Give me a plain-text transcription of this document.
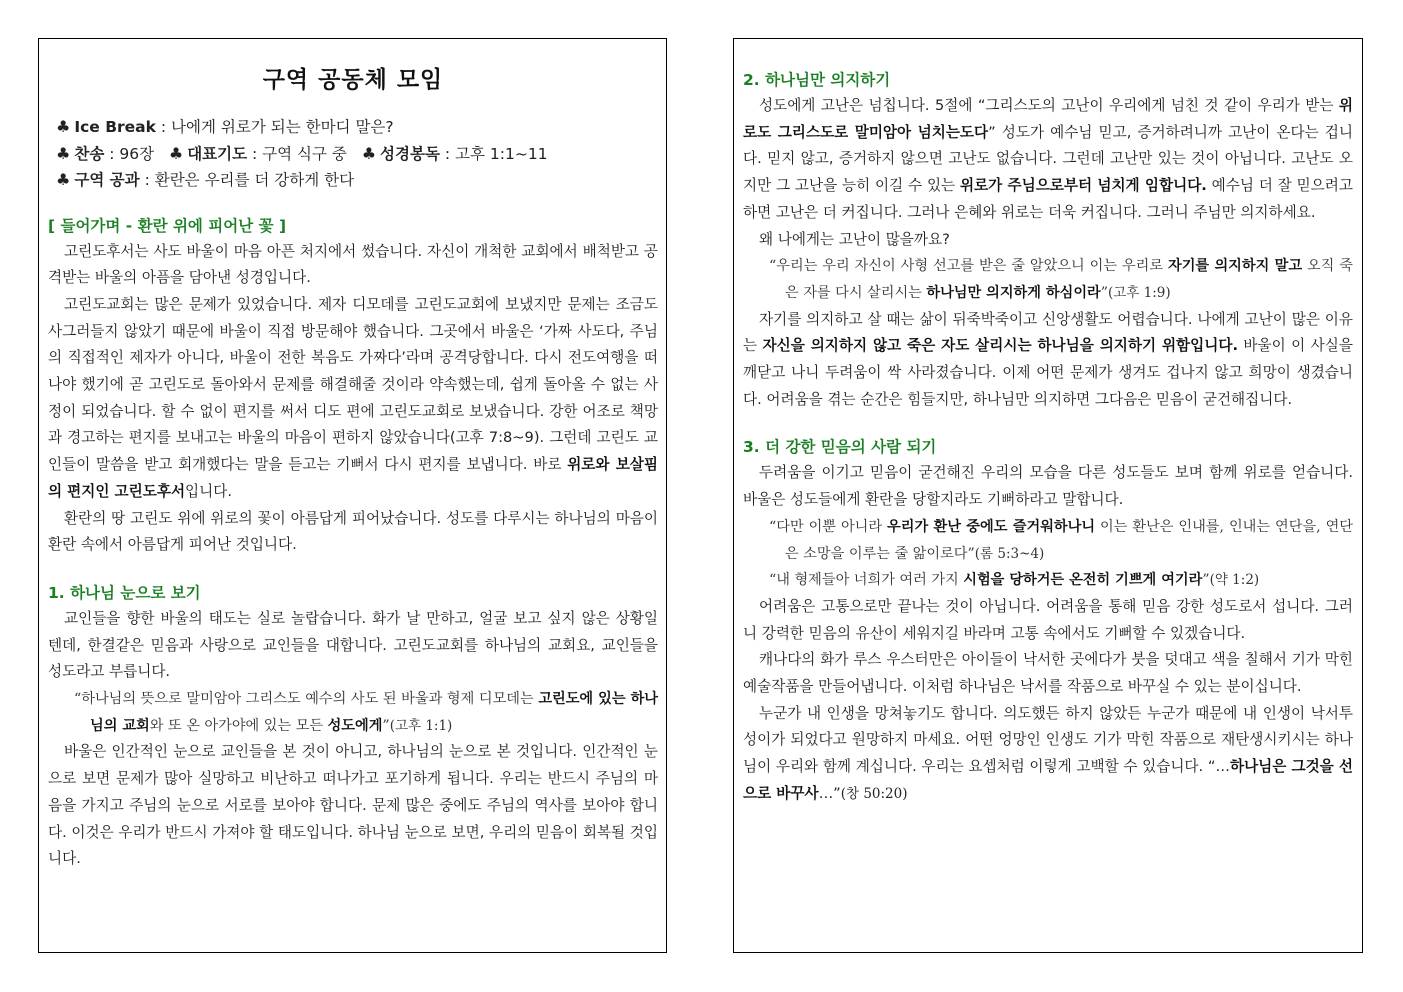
구역 공동체 모임
♣ Ice Break : 나에게 위로가 되는 한마디 말은?
♣ 찬송 : 96장 ♣ 대표기도 : 구역 식구 중 ♣ 성경봉독 : 고후 1:1~11
♣ 구역 공과 : 환란은 우리를 더 강하게 한다
[ 들어가며 - 환란 위에 피어난 꽃 ]

고린도후서는 사도 바울이 마음 아픈 처지에서 썼습니다. 자신이 개척한 교회에서 배척받고 공격받는 바울의 아픔을 담아낸 성경입니다.

고린도교회는 많은 문제가 있었습니다. 제자 디모데를 고린도교회에 보냈지만 문제는 조금도 사그러들지 않았기 때문에 바울이 직접 방문해야 했습니다. 그곳에서 바울은 ‘가짜 사도다, 주님의 직접적인 제자가 아니다, 바울이 전한 복음도 가짜다’라며 공격당합니다. 다시 전도여행을 떠나야 했기에 곧 고린도로 돌아와서 문제를 해결해줄 것이라 약속했는데, 쉽게 돌아올 수 없는 사정이 되었습니다. 할 수 없이 편지를 써서 디도 편에 고린도교회로 보냈습니다. 강한 어조로 책망과 경고하는 편지를 보내고는 바울의 마음이 편하지 않았습니다(고후 7:8~9). 그런데 고린도 교인들이 말씀을 받고 회개했다는 말을 듣고는 기뻐서 다시 편지를 보냅니다. 바로 위로와 보살핌의 편지인 고린도후서입니다.

환란의 땅 고린도 위에 위로의 꽃이 아름답게 피어났습니다. 성도를 다루시는 하나님의 마음이 환란 속에서 아름답게 피어난 것입니다.

1. 하나님 눈으로 보기

교인들을 향한 바울의 태도는 실로 놀랍습니다. 화가 날 만하고, 얼굴 보고 싶지 않은 상황일 텐데, 한결같은 믿음과 사랑으로 교인들을 대합니다. 고린도교회를 하나님의 교회요, 교인들을 성도라고 부릅니다.

“하나님의 뜻으로 말미암아 그리스도 예수의 사도 된 바울과 형제 디모데는 고린도에 있는 하나님의 교회와 또 온 아가야에 있는 모든 성도에게”(고후 1:1)

바울은 인간적인 눈으로 교인들을 본 것이 아니고, 하나님의 눈으로 본 것입니다. 인간적인 눈으로 보면 문제가 많아 실망하고 비난하고 떠나가고 포기하게 됩니다. 우리는 반드시 주님의 마음을 가지고 주님의 눈으로 서로를 보아야 합니다. 문제 많은 중에도 주님의 역사를 보아야 합니다. 이것은 우리가 반드시 가져야 할 태도입니다. 하나님 눈으로 보면, 우리의 믿음이 회복될 것입니다.

2. 하나님만 의지하기

성도에게 고난은 넘칩니다. 5절에 “그리스도의 고난이 우리에게 넘친 것 같이 우리가 받는 위로도 그리스도로 말미암아 넘치는도다” 성도가 예수님 믿고, 증거하려니까 고난이 온다는 겁니다. 믿지 않고, 증거하지 않으면 고난도 없습니다. 그런데 고난만 있는 것이 아닙니다. 고난도 오지만 그 고난을 능히 이길 수 있는 위로가 주님으로부터 넘치게 임합니다. 예수님 더 잘 믿으려고 하면 고난은 더 커집니다. 그러나 은혜와 위로는 더욱 커집니다. 그러니 주님만 의지하세요.

왜 나에게는 고난이 많을까요?

“우리는 우리 자신이 사형 선고를 받은 줄 알았으니 이는 우리로 자기를 의지하지 말고 오직 죽은 자를 다시 살리시는 하나님만 의지하게 하심이라”(고후 1:9)

자기를 의지하고 살 때는 삶이 뒤죽박죽이고 신앙생활도 어렵습니다. 나에게 고난이 많은 이유는 자신을 의지하지 않고 죽은 자도 살리시는 하나님을 의지하기 위함입니다. 바울이 이 사실을 깨닫고 나니 두려움이 싹 사라졌습니다. 이제 어떤 문제가 생겨도 겁나지 않고 희망이 생겼습니다. 어려움을 겪는 순간은 힘들지만, 하나님만 의지하면 그다음은 믿음이 굳건해집니다.

3. 더 강한 믿음의 사람 되기

두려움을 이기고 믿음이 굳건해진 우리의 모습을 다른 성도들도 보며 함께 위로를 얻습니다. 바울은 성도들에게 환란을 당할지라도 기뻐하라고 말합니다.

“다만 이뿐 아니라 우리가 환난 중에도 즐거워하나니 이는 환난은 인내를, 인내는 연단을, 연단은 소망을 이루는 줄 앎이로다”(롬 5:3~4)

“내 형제들아 너희가 여러 가지 시험을 당하거든 온전히 기쁘게 여기라”(약 1:2)

어려움은 고통으로만 끝나는 것이 아닙니다. 어려움을 통해 믿음 강한 성도로서 섭니다. 그러니 강력한 믿음의 유산이 세워지길 바라며 고통 속에서도 기뻐할 수 있겠습니다.

캐나다의 화가 루스 우스터만은 아이들이 낙서한 곳에다가 붓을 덧대고 색을 칠해서 기가 막힌 예술작품을 만들어냅니다. 이처럼 하나님은 낙서를 작품으로 바꾸실 수 있는 분이십니다.

누군가 내 인생을 망쳐놓기도 합니다. 의도했든 하지 않았든 누군가 때문에 내 인생이 낙서투성이가 되었다고 원망하지 마세요. 어떤 엉망인 인생도 기가 막힌 작품으로 재탄생시키시는 하나님이 우리와 함께 계십니다. 우리는 요셉처럼 이렇게 고백할 수 있습니다. “…하나님은 그것을 선으로 바꾸사…”(창 50:20)
